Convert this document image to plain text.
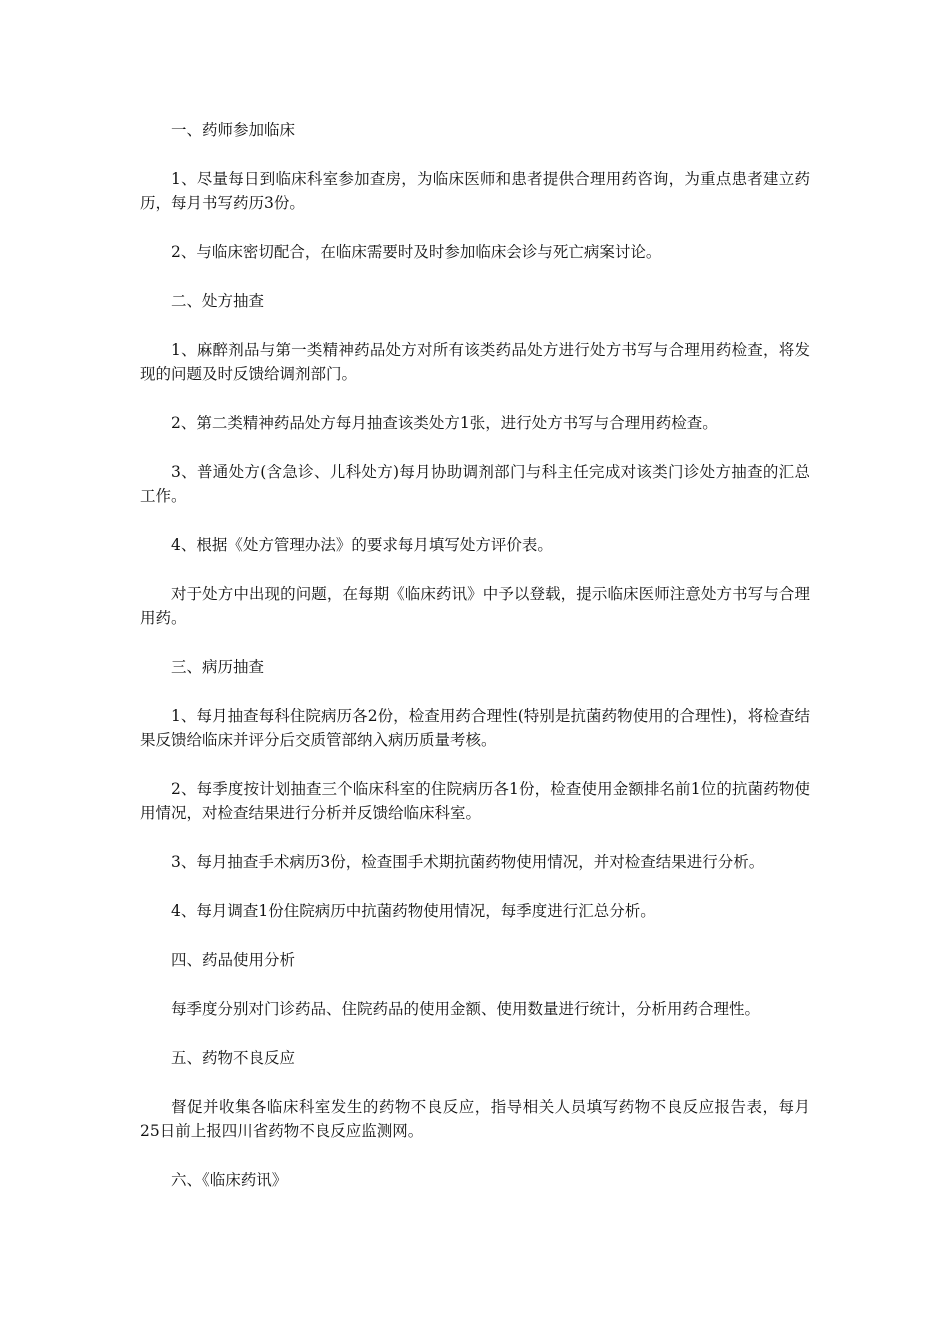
一、药师参加临床

1、尽量每日到临床科室参加查房，为临床医师和患者提供合理用药咨询，为重点患者建立药历，每月书写药历3份。

2、与临床密切配合，在临床需要时及时参加临床会诊与死亡病案讨论。

二、处方抽查

1、麻醉剂品与第一类精神药品处方对所有该类药品处方进行处方书写与合理用药检查，将发现的问题及时反馈给调剂部门。

2、第二类精神药品处方每月抽查该类处方1张，进行处方书写与合理用药检查。

3、普通处方(含急诊、儿科处方)每月协助调剂部门与科主任完成对该类门诊处方抽查的汇总工作。

4、根据《处方管理办法》的要求每月填写处方评价表。

对于处方中出现的问题，在每期《临床药讯》中予以登载，提示临床医师注意处方书写与合理用药。

三、病历抽查

1、每月抽查每科住院病历各2份，检查用药合理性(特别是抗菌药物使用的合理性)，将检查结果反馈给临床并评分后交质管部纳入病历质量考核。

2、每季度按计划抽查三个临床科室的住院病历各1份，检查使用金额排名前1位的抗菌药物使用情况，对检查结果进行分析并反馈给临床科室。

3、每月抽查手术病历3份，检查围手术期抗菌药物使用情况，并对检查结果进行分析。

4、每月调查1份住院病历中抗菌药物使用情况，每季度进行汇总分析。

四、药品使用分析

每季度分别对门诊药品、住院药品的使用金额、使用数量进行统计，分析用药合理性。

五、药物不良反应

督促并收集各临床科室发生的药物不良反应，指导相关人员填写药物不良反应报告表，每月25日前上报四川省药物不良反应监测网。

六、《临床药讯》
